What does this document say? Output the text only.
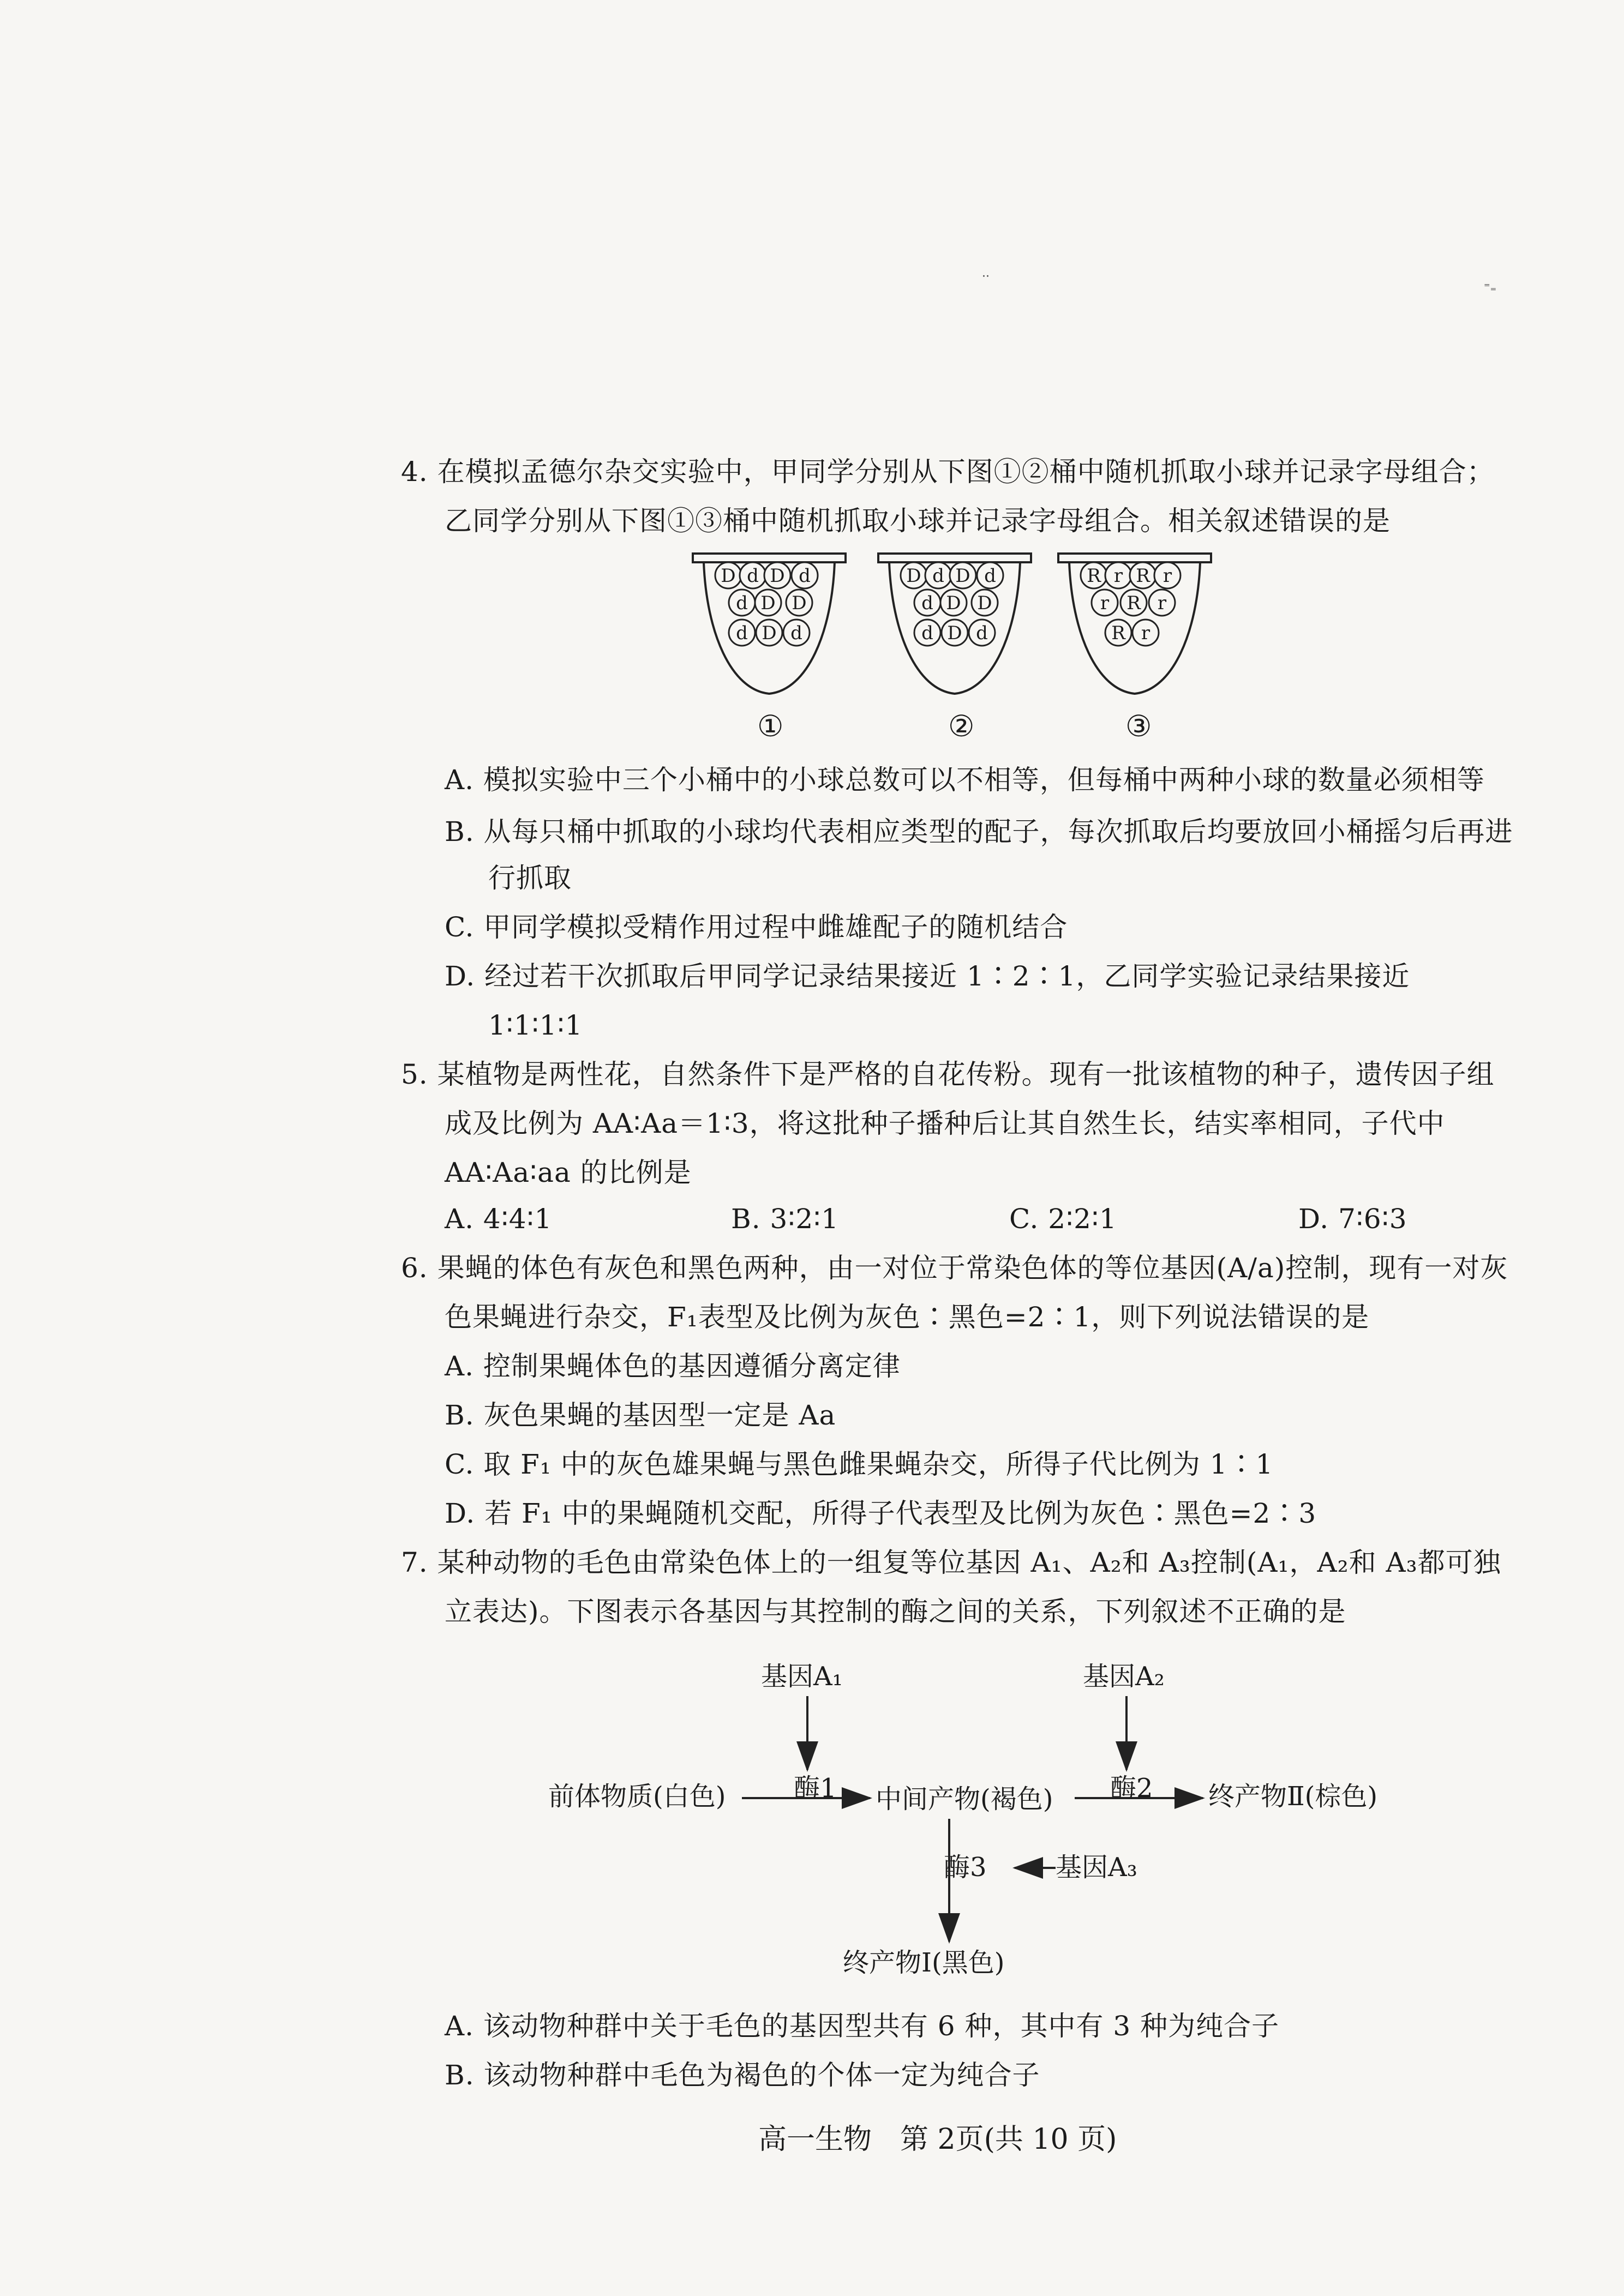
··
⁼₌
4. 在模拟孟德尔杂交实验中，甲同学分别从下图①②桶中随机抓取小球并记录字母组合；
乙同学分别从下图①③桶中随机抓取小球并记录字母组合。相关叙述错误的是
D d D d
d D D
d D d
D d D d
d D D
d D d
R r R r
r R r
R r
①	②	③
A. 模拟实验中三个小桶中的小球总数可以不相等，但每桶中两种小球的数量必须相等
B. 从每只桶中抓取的小球均代表相应类型的配子，每次抓取后均要放回小桶摇匀后再进
行抓取
C. 甲同学模拟受精作用过程中雌雄配子的随机结合
D. 经过若干次抓取后甲同学记录结果接近 1∶2∶1，乙同学实验记录结果接近
1∶1∶1∶1
5. 某植物是两性花，自然条件下是严格的自花传粉。现有一批该植物的种子，遗传因子组
成及比例为 AA∶Aa＝1∶3，将这批种子播种后让其自然生长，结实率相同，子代中
AA∶Aa∶aa 的比例是
A. 4∶4∶1	B. 3∶2∶1	C. 2∶2∶1	D. 7∶6∶3
6. 果蝇的体色有灰色和黑色两种，由一对位于常染色体的等位基因(A/a)控制，现有一对灰
色果蝇进行杂交，F₁表型及比例为灰色∶黑色=2∶1，则下列说法错误的是
A. 控制果蝇体色的基因遵循分离定律
B. 灰色果蝇的基因型一定是 Aa
C. 取 F₁ 中的灰色雄果蝇与黑色雌果蝇杂交，所得子代比例为 1∶1
D. 若 F₁ 中的果蝇随机交配，所得子代表型及比例为灰色∶黑色=2∶3
7. 某种动物的毛色由常染色体上的一组复等位基因 A₁、A₂和 A₃控制(A₁，A₂和 A₃都可独
立表达)。下图表示各基因与其控制的酶之间的关系，下列叙述不正确的是
基因A₁	基因A₂
酶1	酶2
前体物质(白色)	中间产物(褐色)	终产物Ⅱ(棕色)
酶3	基因A₃
终产物Ⅰ(黑色)
A. 该动物种群中关于毛色的基因型共有 6 种，其中有 3 种为纯合子
B. 该动物种群中毛色为褐色的个体一定为纯合子
高一生物　第 2页(共 10 页)
